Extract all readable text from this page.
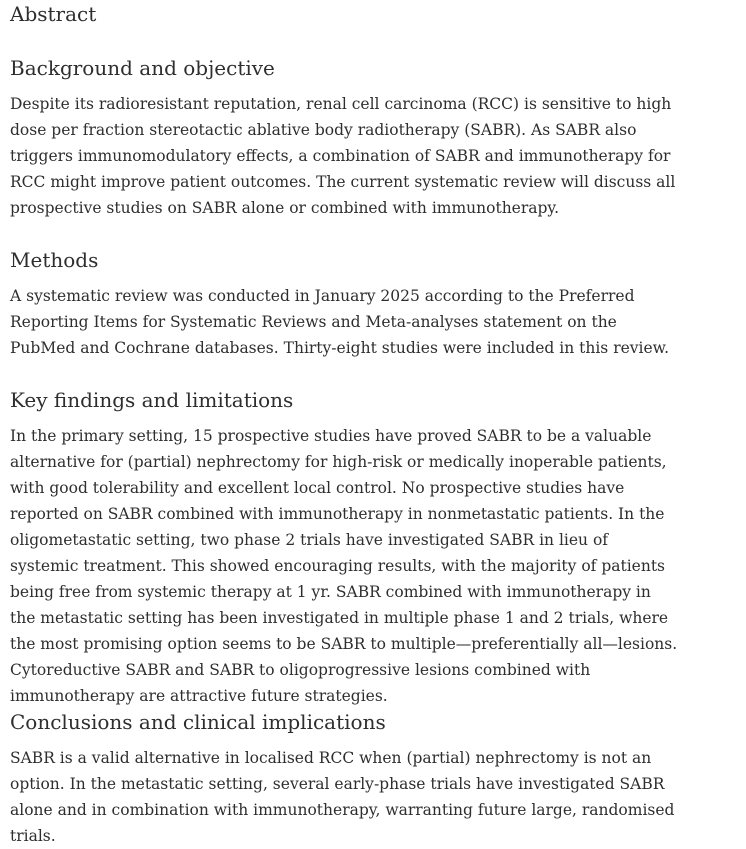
Abstract
Background and objective

Despite its radioresistant reputation, renal cell carcinoma (RCC) is sensitive to high dose per fraction stereotactic ablative body radiotherapy (SABR). As SABR also triggers immunomodulatory effects, a combination of SABR and immunotherapy for RCC might improve patient outcomes. The current systematic review will discuss all prospective studies on SABR alone or combined with immunotherapy.

Methods

A systematic review was conducted in January 2025 according to the Preferred Reporting Items for Systematic Reviews and Meta-analyses statement on the PubMed and Cochrane databases. Thirty-eight studies were included in this review.

Key findings and limitations

In the primary setting, 15 prospective studies have proved SABR to be a valuable alternative for (partial) nephrectomy for high-risk or medically inoperable patients, with good tolerability and excellent local control. No prospective studies have reported on SABR combined with immunotherapy in nonmetastatic patients. In the oligometastatic setting, two phase 2 trials have investigated SABR in lieu of systemic treatment. This showed encouraging results, with the majority of patients being free from systemic therapy at 1 yr. SABR combined with immunotherapy in the metastatic setting has been investigated in multiple phase 1 and 2 trials, where the most promising option seems to be SABR to multiple—preferentially all—lesions. Cytoreductive SABR and SABR to oligoprogressive lesions combined with immunotherapy are attractive future strategies.

Conclusions and clinical implications

SABR is a valid alternative in localised RCC when (partial) nephrectomy is not an option. In the metastatic setting, several early-phase trials have investigated SABR alone and in combination with immunotherapy, warranting future large, randomised trials.
